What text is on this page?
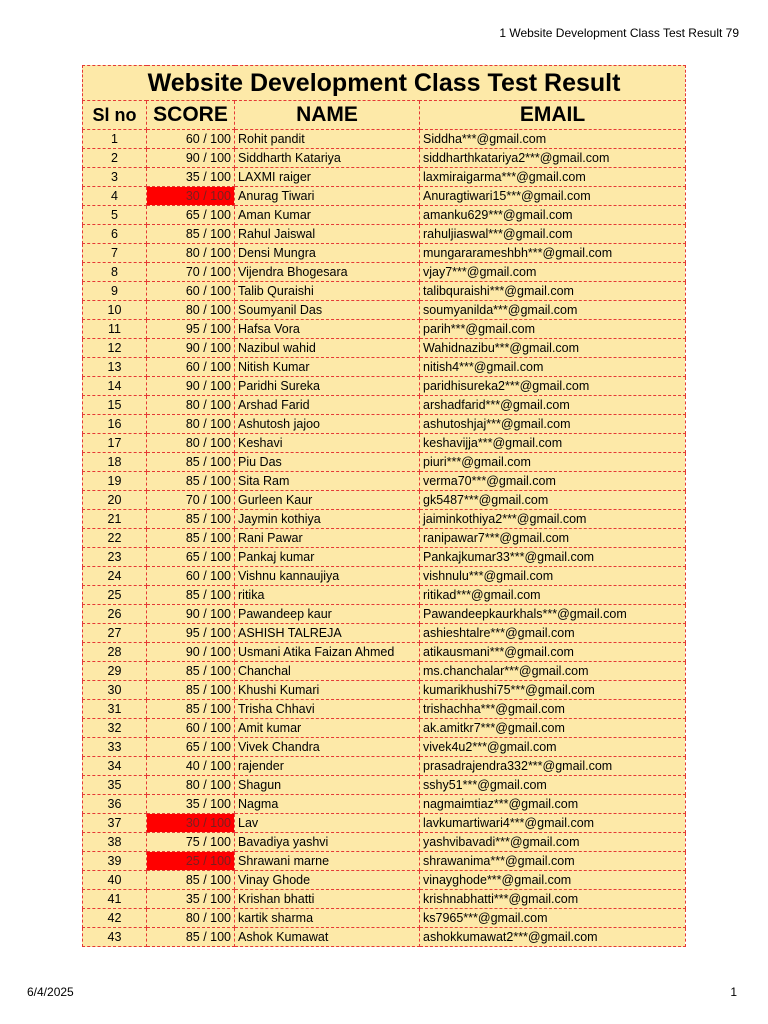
1 Website Development Class Test Result 79
Website Development Class Test Result			
Sl no	SCORE	NAME	EMAIL
1	60 / 100	Rohit pandit	Siddha***@gmail.com
2	90 / 100	Siddharth Katariya	siddharthkatariya2***@gmail.com
3	35 / 100	LAXMI raiger	laxmiraigarma***@gmail.com
4	30 / 100	Anurag Tiwari	Anuragtiwari15***@gmail.com
5	65 / 100	Aman Kumar	amanku629***@gmail.com
6	85 / 100	Rahul Jaiswal	rahuljiaswal***@gmail.com
7	80 / 100	Densi Mungra	mungararameshbh***@gmail.com
8	70 / 100	Vijendra Bhogesara	vjay7***@gmail.com
9	60 / 100	Talib Quraishi	talibquraishi***@gmail.com
10	80 / 100	Soumyanil Das	soumyanilda***@gmail.com
11	95 / 100	Hafsa Vora	parih***@gmail.com
12	90 / 100	Nazibul wahid	Wahidnazibu***@gmail.com
13	60 / 100	Nitish Kumar	nitish4***@gmail.com
14	90 / 100	Paridhi Sureka	paridhisureka2***@gmail.com
15	80 / 100	Arshad Farid	arshadfarid***@gmail.com
16	80 / 100	Ashutosh jajoo	ashutoshjaj***@gmail.com
17	80 / 100	Keshavi	keshavijja***@gmail.com
18	85 / 100	Piu Das	piuri***@gmail.com
19	85 / 100	Sita Ram	verma70***@gmail.com
20	70 / 100	Gurleen Kaur	gk5487***@gmail.com
21	85 / 100	Jaymin kothiya	jaiminkothiya2***@gmail.com
22	85 / 100	Rani Pawar	ranipawar7***@gmail.com
23	65 / 100	Pankaj kumar	Pankajkumar33***@gmail.com
24	60 / 100	Vishnu kannaujiya	vishnulu***@gmail.com
25	85 / 100	ritika	ritikad***@gmail.com
26	90 / 100	Pawandeep kaur	Pawandeepkaurkhals***@gmail.com
27	95 / 100	ASHISH TALREJA	ashieshtalre***@gmail.com
28	90 / 100	Usmani Atika Faizan Ahmed	atikausmani***@gmail.com
29	85 / 100	Chanchal	ms.chanchalar***@gmail.com
30	85 / 100	Khushi Kumari	kumarikhushi75***@gmail.com
31	85 / 100	Trisha Chhavi	trishachha***@gmail.com
32	60 / 100	Amit kumar	ak.amitkr7***@gmail.com
33	65 / 100	Vivek Chandra	vivek4u2***@gmail.com
34	40 / 100	rajender	prasadrajendra332***@gmail.com
35	80 / 100	Shagun	sshy51***@gmail.com
36	35 / 100	Nagma	nagmaimtiaz***@gmail.com
37	30 / 100	Lav	lavkumartiwari4***@gmail.com
38	75 / 100	Bavadiya yashvi	yashvibavadi***@gmail.com
39	25 / 100	Shrawani marne	shrawanima***@gmail.com
40	85 / 100	Vinay Ghode	vinayghode***@gmail.com
41	35 / 100	Krishan bhatti	krishnabhatti***@gmail.com
42	80 / 100	kartik sharma	ks7965***@gmail.com
43	85 / 100	Ashok Kumawat	ashokkumawat2***@gmail.com
6/4/2025	1
